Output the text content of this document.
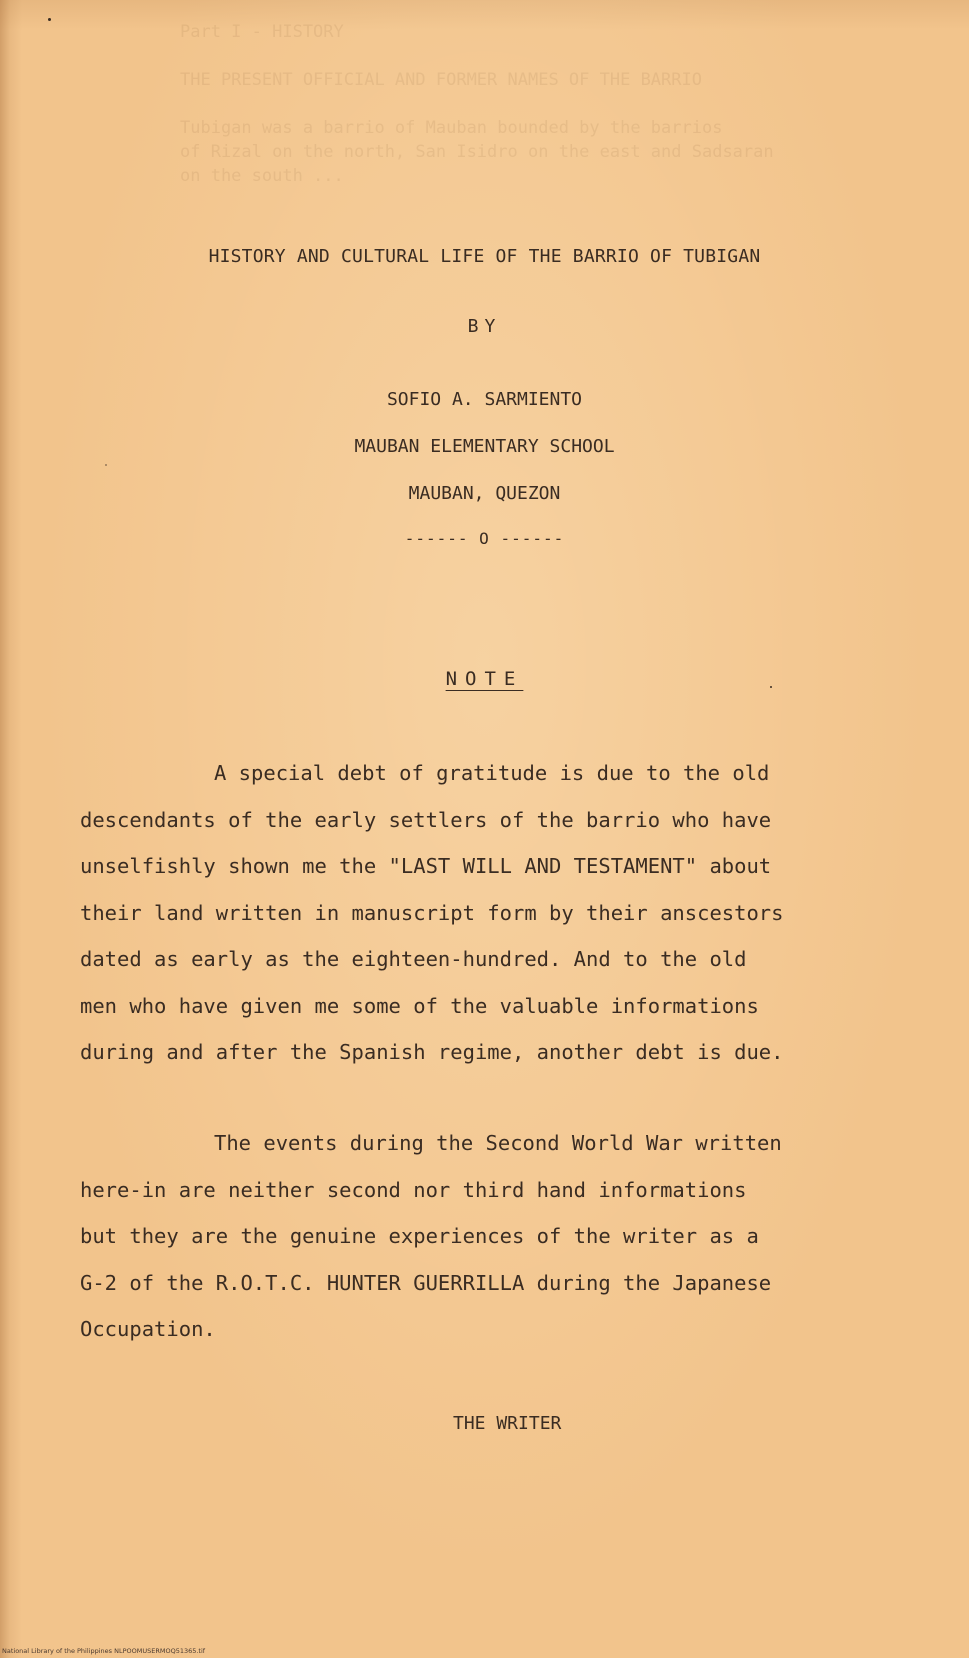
Part I - HISTORY

THE PRESENT OFFICIAL AND FORMER NAMES OF THE BARRIO

Tubigan was a barrio of Mauban bounded by the barrios
of Rizal on the north, San Isidro on the east and Sadsaran
on the south ...
HISTORY AND CULTURAL LIFE OF THE BARRIO OF TUBIGAN
BY
SOFIO A. SARMIENTO
MAUBAN ELEMENTARY SCHOOL
MAUBAN, QUEZON
------ O ------
NOTE
A special debt of gratitude is due to the old
descendants of the early settlers of the barrio who have
unselfishly shown me the "LAST WILL AND TESTAMENT" about
their land written in manuscript form by their anscestors
dated as early as the eighteen-hundred. And to the old
men who have given me some of the valuable informations
during and after the Spanish regime, another debt is due.
The events during the Second World War written
here-in are neither second nor third hand informations
but they are the genuine experiences of the writer as a
G-2 of the R.O.T.C. HUNTER GUERRILLA during the Japanese
Occupation.
THE WRITER
National Library of the Philippines NLPOOMUSERMOQ51365.tif
